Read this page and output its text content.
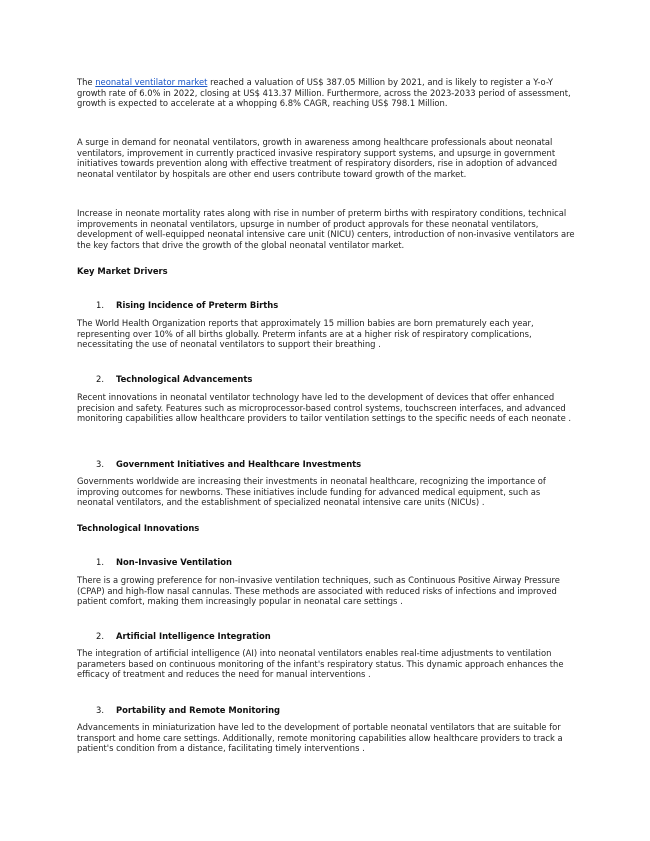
The neonatal ventilator market reached a valuation of US$ 387.05 Million by 2021, and is likely to register a Y-o-Y growth rate of 6.0% in 2022, closing at US$ 413.37 Million. Furthermore, across the 2023-2033 period of assessment, growth is expected to accelerate at a whopping 6.8% CAGR, reaching US$ 798.1 Million.

A surge in demand for neonatal ventilators, growth in awareness among healthcare professionals about neonatal ventilators, improvement in currently practiced invasive respiratory support systems, and upsurge in government initiatives towards prevention along with effective treatment of respiratory disorders, rise in adoption of advanced neonatal ventilator by hospitals are other end users contribute toward growth of the market.

Increase in neonate mortality rates along with rise in number of preterm births with respiratory conditions, technical improvements in neonatal ventilators, upsurge in number of product approvals for these neonatal ventilators, development of well-equipped neonatal intensive care unit (NICU) centers, introduction of non-invasive ventilators are the key factors that drive the growth of the global neonatal ventilator market.

Key Market Drivers

1. Rising Incidence of Preterm Births

The World Health Organization reports that approximately 15 million babies are born prematurely each year, representing over 10% of all births globally. Preterm infants are at a higher risk of respiratory complications, necessitating the use of neonatal ventilators to support their breathing .

2. Technological Advancements

Recent innovations in neonatal ventilator technology have led to the development of devices that offer enhanced precision and safety. Features such as microprocessor-based control systems, touchscreen interfaces, and advanced monitoring capabilities allow healthcare providers to tailor ventilation settings to the specific needs of each neonate .

3. Government Initiatives and Healthcare Investments

Governments worldwide are increasing their investments in neonatal healthcare, recognizing the importance of improving outcomes for newborns. These initiatives include funding for advanced medical equipment, such as neonatal ventilators, and the establishment of specialized neonatal intensive care units (NICUs) .

Technological Innovations

1. Non-Invasive Ventilation

There is a growing preference for non-invasive ventilation techniques, such as Continuous Positive Airway Pressure (CPAP) and high-flow nasal cannulas. These methods are associated with reduced risks of infections and improved patient comfort, making them increasingly popular in neonatal care settings .

2. Artificial Intelligence Integration

The integration of artificial intelligence (AI) into neonatal ventilators enables real-time adjustments to ventilation parameters based on continuous monitoring of the infant's respiratory status. This dynamic approach enhances the efficacy of treatment and reduces the need for manual interventions .

3. Portability and Remote Monitoring

Advancements in miniaturization have led to the development of portable neonatal ventilators that are suitable for transport and home care settings. Additionally, remote monitoring capabilities allow healthcare providers to track a patient's condition from a distance, facilitating timely interventions .
